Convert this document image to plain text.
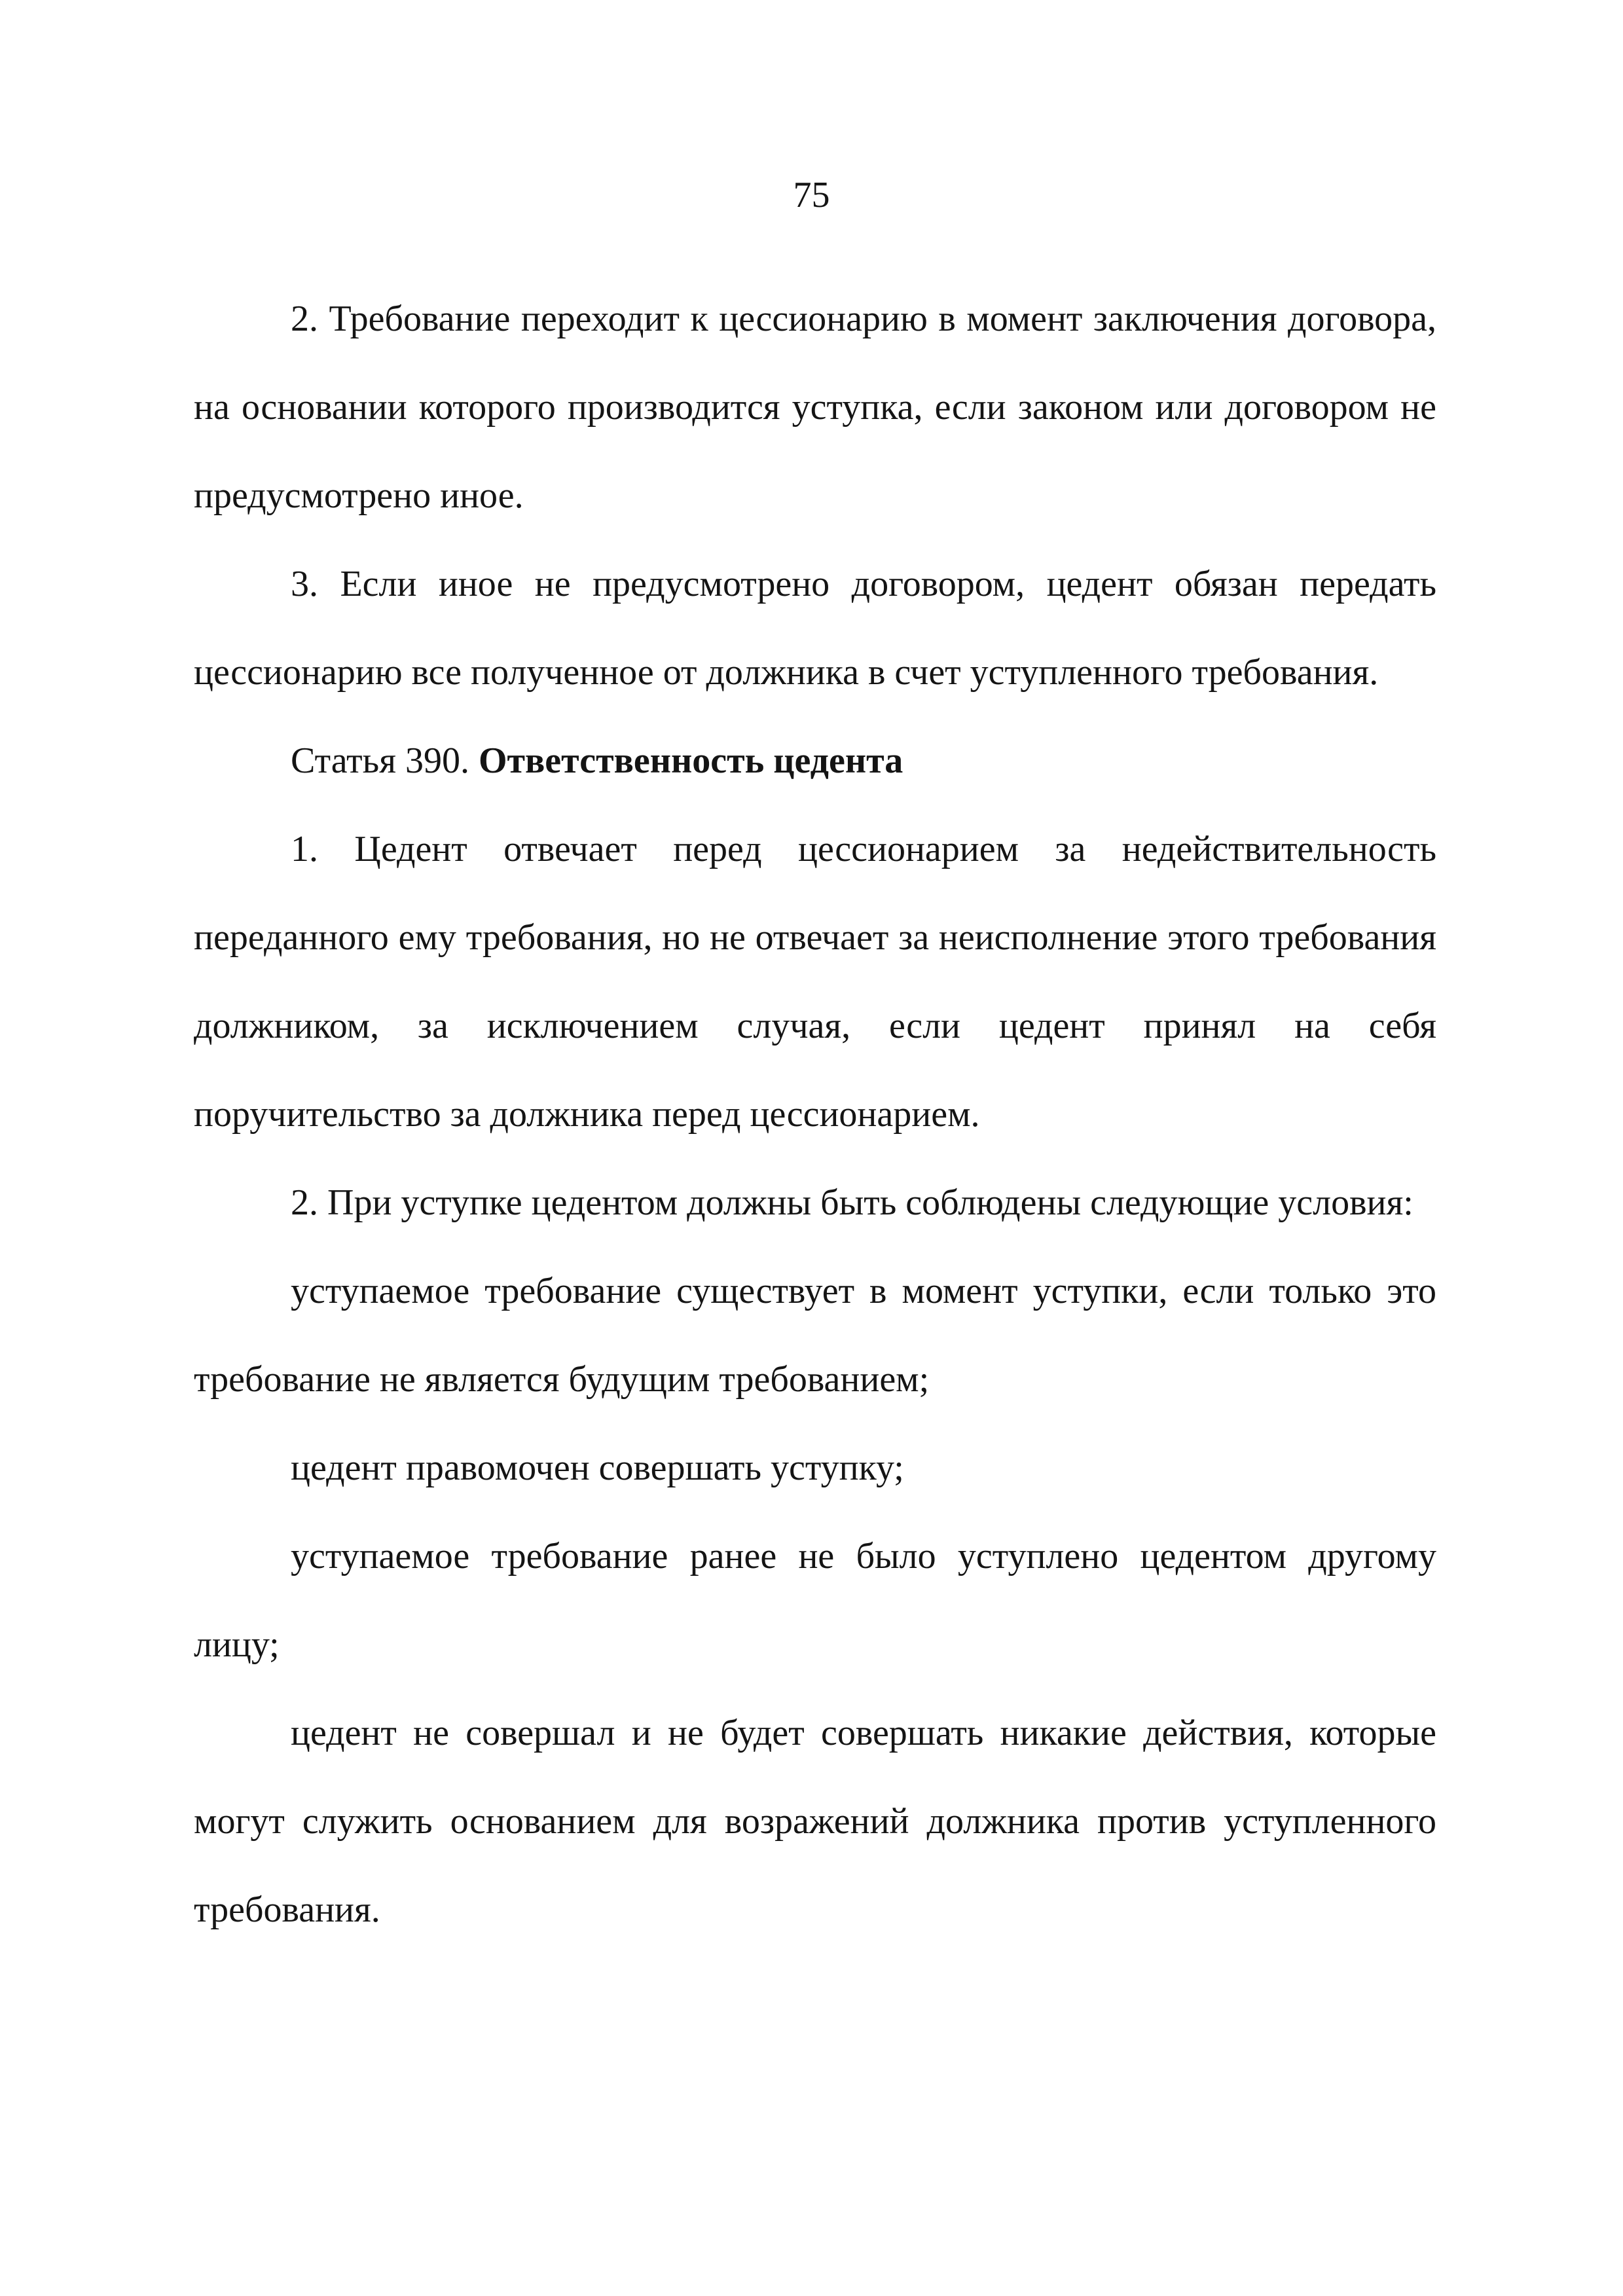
75

2. Требование переходит к цессионарию в момент заключения договора, на основании которого производится уступка, если законом или договором не предусмотрено иное.

3. Если иное не предусмотрено договором, цедент обязан передать цессионарию все полученное от должника в счет уступленного требования.

Статья 390. Ответственность цедента

1. Цедент отвечает перед цессионарием за недействительность переданного ему требования, но не отвечает за неисполнение этого требования должником, за исключением случая, если цедент принял на себя поручительство за должника перед цессионарием.

2. При уступке цедентом должны быть соблюдены следующие условия:

уступаемое требование существует в момент уступки, если только это требование не является будущим требованием;

цедент правомочен совершать уступку;

уступаемое требование ранее не было уступлено цедентом другому лицу;

цедент не совершал и не будет совершать никакие действия, которые могут служить основанием для возражений должника против уступленного требования.
